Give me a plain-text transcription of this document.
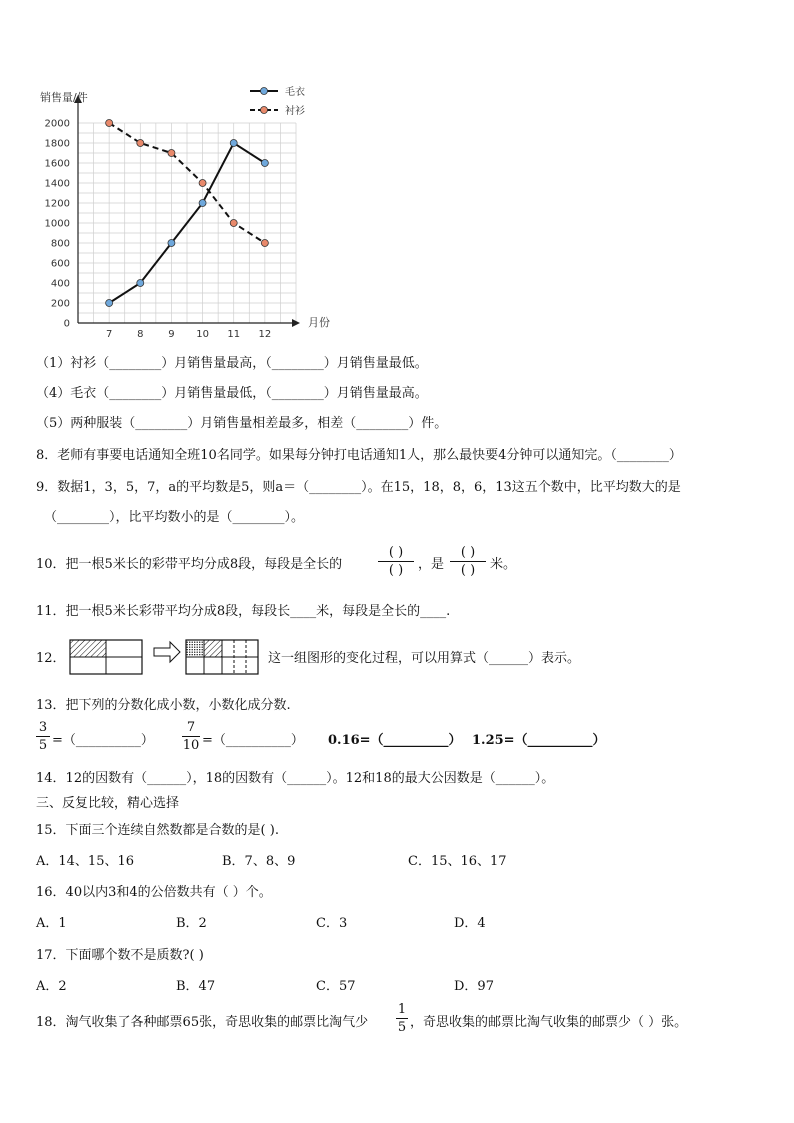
0
200
400
600
800
1000
1200
1400
1600
1800
2000
7 8 9 10 11 12
销售量/件
月份
毛衣
衬衫
（1）衬衫（________）月销售量最高，（________）月销售量最低。
（4）毛衣（________）月销售量最低，（________）月销售量最高。
（5）两种服装（________）月销售量相差最多，相差（________）件。
8．老师有事要电话通知全班10名同学。如果每分钟打电话通知1人，那么最快要4分钟可以通知完。（________）
9．数据1，3，5，7，a的平均数是5，则a＝（________）。在15，18，8，6，13这五个数中，比平均数大的是
（________），比平均数小的是（________）。
10．把一根5米长的彩带平均分成8段，每段是全长的
( )
( )	，是
( )
( )	米。
11．把一根5米长彩带平均分成8段，每段长____米，每段是全长的____.
12．	这一组图形的变化过程，可以用算式（______）表示。
13．把下列的分数化成小数，小数化成分数.
3
5 =（__________）
7
10 =（__________） 0.16=（__________） 1.25=（__________）
14．12的因数有（______），18的因数有（______）。12和18的最大公因数是（______）。
三、反复比较，精心选择
15．下面三个连续自然数都是合数的是( ).
A．14、15、16	B．7、8、9	C．15、16、17
16．40以内3和4的公倍数共有（ ）个。
A．1	B．2	C．3	D．4
17．下面哪个数不是质数?( )
A．2	B．47	C．57	D．97
18．淘气收集了各种邮票65张，奇思收集的邮票比淘气少
1
5 ，奇思收集的邮票比淘气收集的邮票少（ ）张。
